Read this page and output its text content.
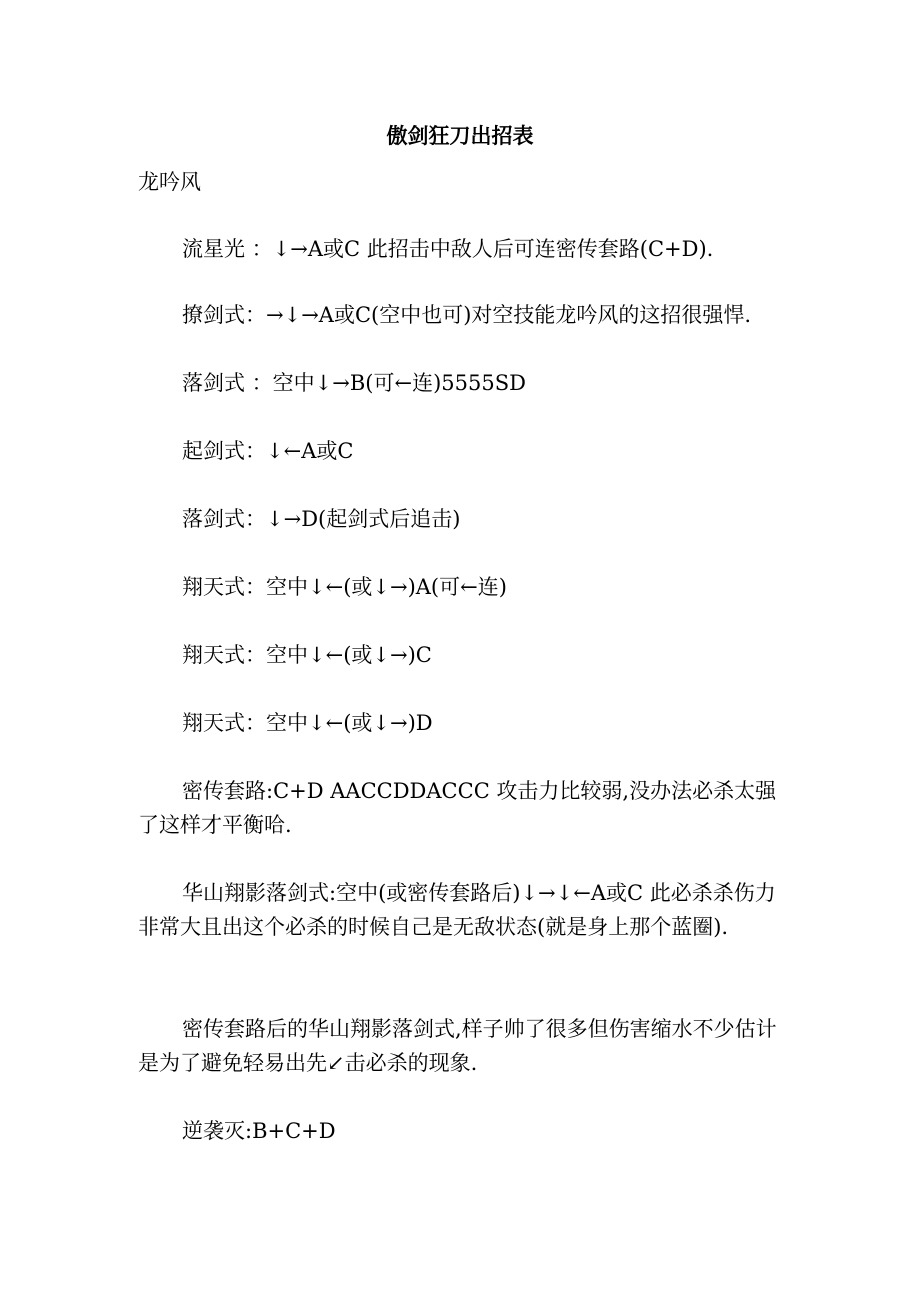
傲剑狂刀出招表
龙吟风
流星光 ：↓→A或C 此招击中敌人后可连密传套路(C+D).
撩剑式：→↓→A或C(空中也可)对空技能龙吟风的这招很强悍.
落剑式 ：空中↓→B(可←连)5555SD
起剑式：↓←A或C
落剑式：↓→D(起剑式后追击)
翔天式：空中↓←(或↓→)A(可←连)
翔天式：空中↓←(或↓→)C
翔天式：空中↓←(或↓→)D
密传套路:C+D AACCDDACCC 攻击力比较弱,没办法必杀太强了这样才平衡哈.
华山翔影落剑式:空中(或密传套路后)↓→↓←A或C 此必杀杀伤力非常大且出这个必杀的时候自己是无敌状态(就是身上那个蓝圈).
密传套路后的华山翔影落剑式,样子帅了很多但伤害缩水不少估计是为了避免轻易出先↙击必杀的现象.
逆袭灭:B+C+D
